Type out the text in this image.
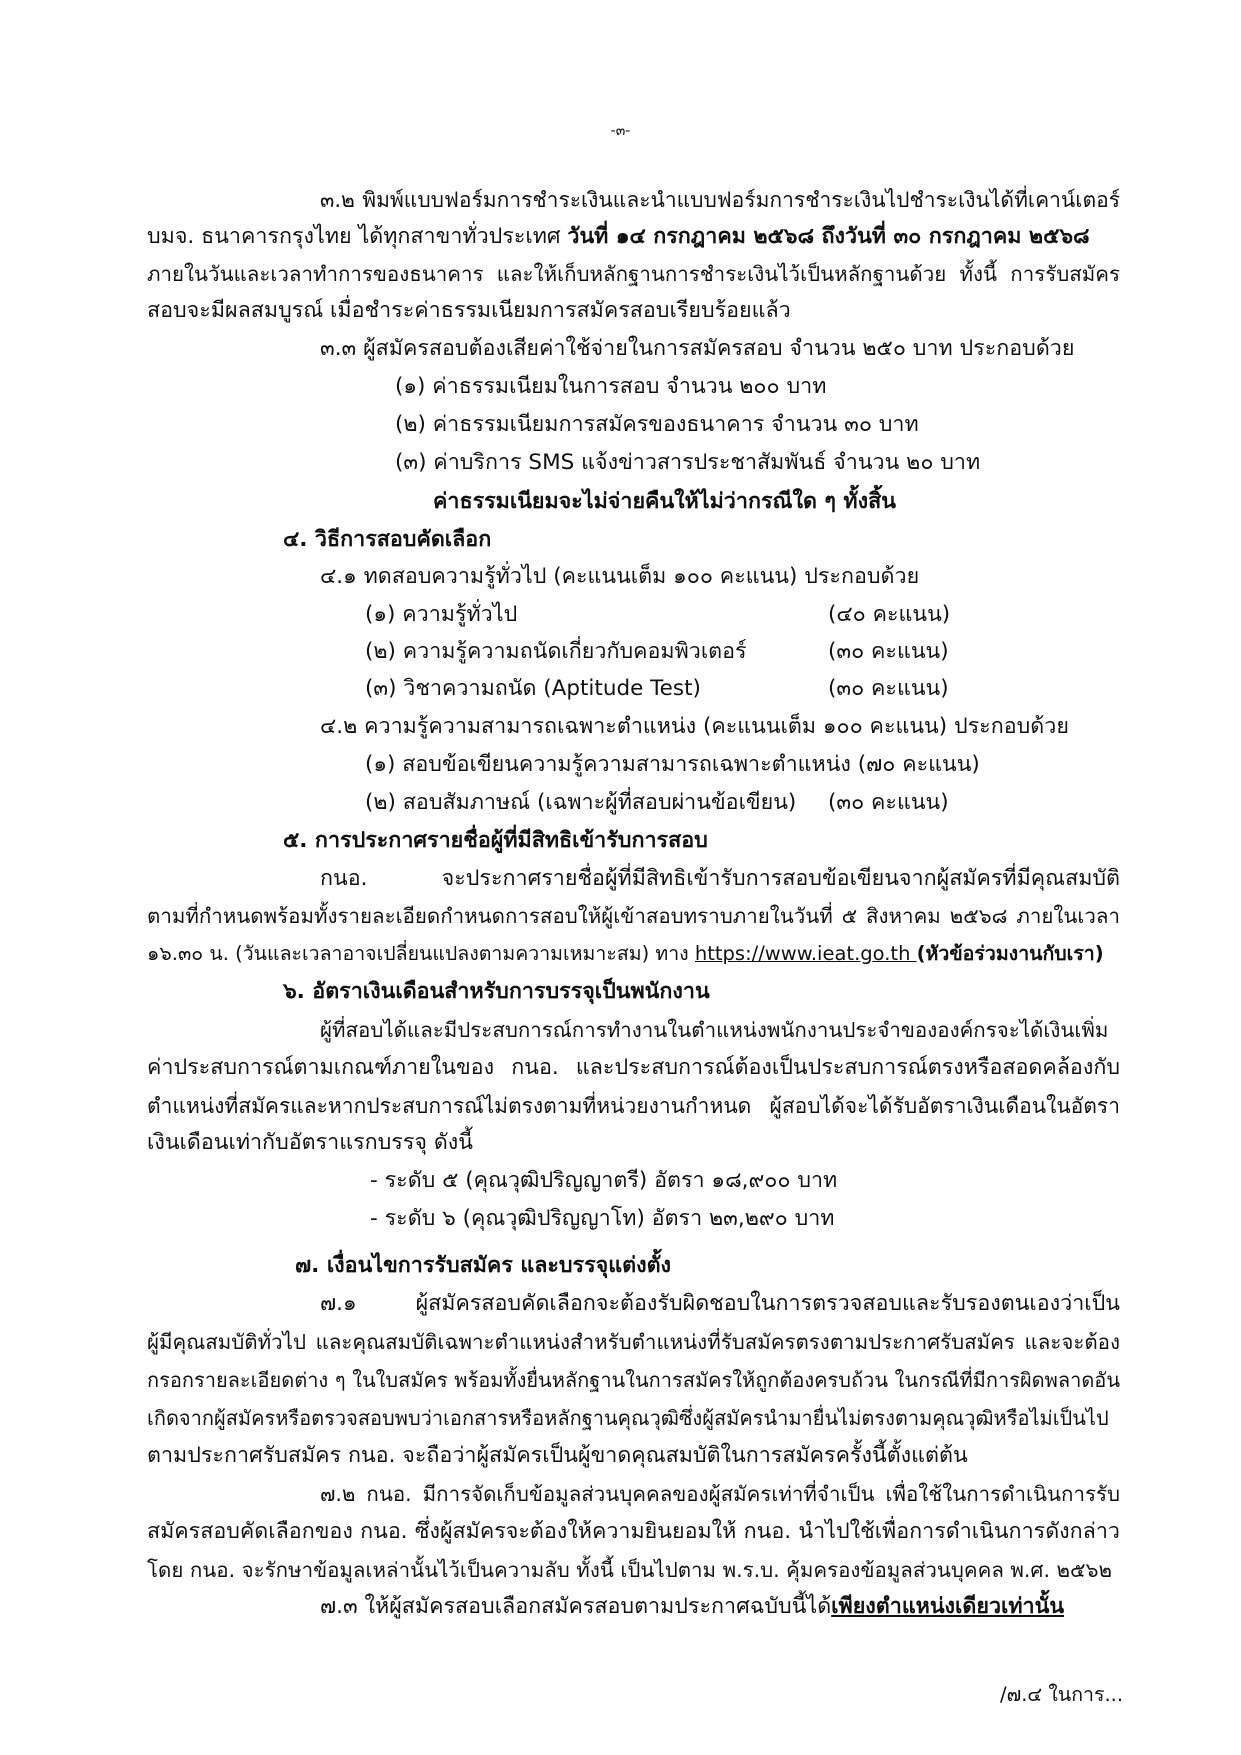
-๓-
๓.๒ พิมพ์แบบฟอร์มการชำระเงินและนำแบบฟอร์มการชำระเงินไปชำระเงินได้ที่เคาน์เตอร์
บมจ. ธนาคารกรุงไทย ได้ทุกสาขาทั่วประเทศ วันที่ ๑๔ กรกฎาคม ๒๕๖๘ ถึงวันที่ ๓๐ กรกฎาคม ๒๕๖๘
ภายในวันและเวลาทำการของธนาคาร และให้เก็บหลักฐานการชำระเงินไว้เป็นหลักฐานด้วย ทั้งนี้ การรับสมัคร
สอบจะมีผลสมบูรณ์ เมื่อชำระค่าธรรมเนียมการสมัครสอบเรียบร้อยแล้ว
๓.๓ ผู้สมัครสอบต้องเสียค่าใช้จ่ายในการสมัครสอบ จำนวน ๒๕๐ บาท ประกอบด้วย
(๑) ค่าธรรมเนียมในการสอบ จำนวน ๒๐๐ บาท
(๒) ค่าธรรมเนียมการสมัครของธนาคาร จำนวน ๓๐ บาท
(๓) ค่าบริการ SMS แจ้งข่าวสารประชาสัมพันธ์ จำนวน ๒๐ บาท
ค่าธรรมเนียมจะไม่จ่ายคืนให้ไม่ว่ากรณีใด ๆ ทั้งสิ้น
๔. วิธีการสอบคัดเลือก
๔.๑ ทดสอบความรู้ทั่วไป (คะแนนเต็ม ๑๐๐ คะแนน) ประกอบด้วย
(๑) ความรู้ทั่วไป	(๔๐ คะแนน)
(๒) ความรู้ความถนัดเกี่ยวกับคอมพิวเตอร์	(๓๐ คะแนน)
(๓) วิชาความถนัด (Aptitude Test)	(๓๐ คะแนน)
๔.๒ ความรู้ความสามารถเฉพาะตำแหน่ง (คะแนนเต็ม ๑๐๐ คะแนน) ประกอบด้วย
(๑) สอบข้อเขียนความรู้ความสามารถเฉพาะตำแหน่ง (๗๐ คะแนน)
(๒) สอบสัมภาษณ์ (เฉพาะผู้ที่สอบผ่านข้อเขียน) (๓๐ คะแนน)
๕. การประกาศรายชื่อผู้ที่มีสิทธิเข้ารับการสอบ
กนอ. จะประกาศรายชื่อผู้ที่มีสิทธิเข้ารับการสอบข้อเขียนจากผู้สมัครที่มีคุณสมบัติ
ตามที่กำหนดพร้อมทั้งรายละเอียดกำหนดการสอบให้ผู้เข้าสอบทราบภายในวันที่ ๕ สิงหาคม ๒๕๖๘ ภายในเวลา
๑๖.๓๐ น. (วันและเวลาอาจเปลี่ยนแปลงตามความเหมาะสม) ทาง https://www.ieat.go.th (หัวข้อร่วมงานกับเรา)
๖. อัตราเงินเดือนสำหรับการบรรจุเป็นพนักงาน
ผู้ที่สอบได้และมีประสบการณ์การทำงานในตำแหน่งพนักงานประจำขององค์กรจะได้เงินเพิ่ม
ค่าประสบการณ์ตามเกณฑ์ภายในของ กนอ. และประสบการณ์ต้องเป็นประสบการณ์ตรงหรือสอดคล้องกับ
ตำแหน่งที่สมัครและหากประสบการณ์ไม่ตรงตามที่หน่วยงานกำหนด ผู้สอบได้จะได้รับอัตราเงินเดือนในอัตรา
เงินเดือนเท่ากับอัตราแรกบรรจุ ดังนี้
- ระดับ ๕ (คุณวุฒิปริญญาตรี) อัตรา ๑๘,๙๐๐ บาท
- ระดับ ๖ (คุณวุฒิปริญญาโท) อัตรา ๒๓,๒๙๐ บาท
๗. เงื่อนไขการรับสมัคร และบรรจุแต่งตั้ง
๗.๑ ผู้สมัครสอบคัดเลือกจะต้องรับผิดชอบในการตรวจสอบและรับรองตนเองว่าเป็น
ผู้มีคุณสมบัติทั่วไป และคุณสมบัติเฉพาะตำแหน่งสำหรับตำแหน่งที่รับสมัครตรงตามประกาศรับสมัคร และจะต้อง
กรอกรายละเอียดต่าง ๆ ในใบสมัคร พร้อมทั้งยื่นหลักฐานในการสมัครให้ถูกต้องครบถ้วน ในกรณีที่มีการผิดพลาดอัน
เกิดจากผู้สมัครหรือตรวจสอบพบว่าเอกสารหรือหลักฐานคุณวุฒิซึ่งผู้สมัครนำมายื่นไม่ตรงตามคุณวุฒิหรือไม่เป็นไป
ตามประกาศรับสมัคร กนอ. จะถือว่าผู้สมัครเป็นผู้ขาดคุณสมบัติในการสมัครครั้งนี้ตั้งแต่ต้น
๗.๒ กนอ. มีการจัดเก็บข้อมูลส่วนบุคคลของผู้สมัครเท่าที่จำเป็น เพื่อใช้ในการดำเนินการรับ
สมัครสอบคัดเลือกของ กนอ. ซึ่งผู้สมัครจะต้องให้ความยินยอมให้ กนอ. นำไปใช้เพื่อการดำเนินการดังกล่าว
โดย กนอ. จะรักษาข้อมูลเหล่านั้นไว้เป็นความลับ ทั้งนี้ เป็นไปตาม พ.ร.บ. คุ้มครองข้อมูลส่วนบุคคล พ.ศ. ๒๕๖๒
๗.๓ ให้ผู้สมัครสอบเลือกสมัครสอบตามประกาศฉบับนี้ได้เพียงตำแหน่งเดียวเท่านั้น
/๗.๔ ในการ...
